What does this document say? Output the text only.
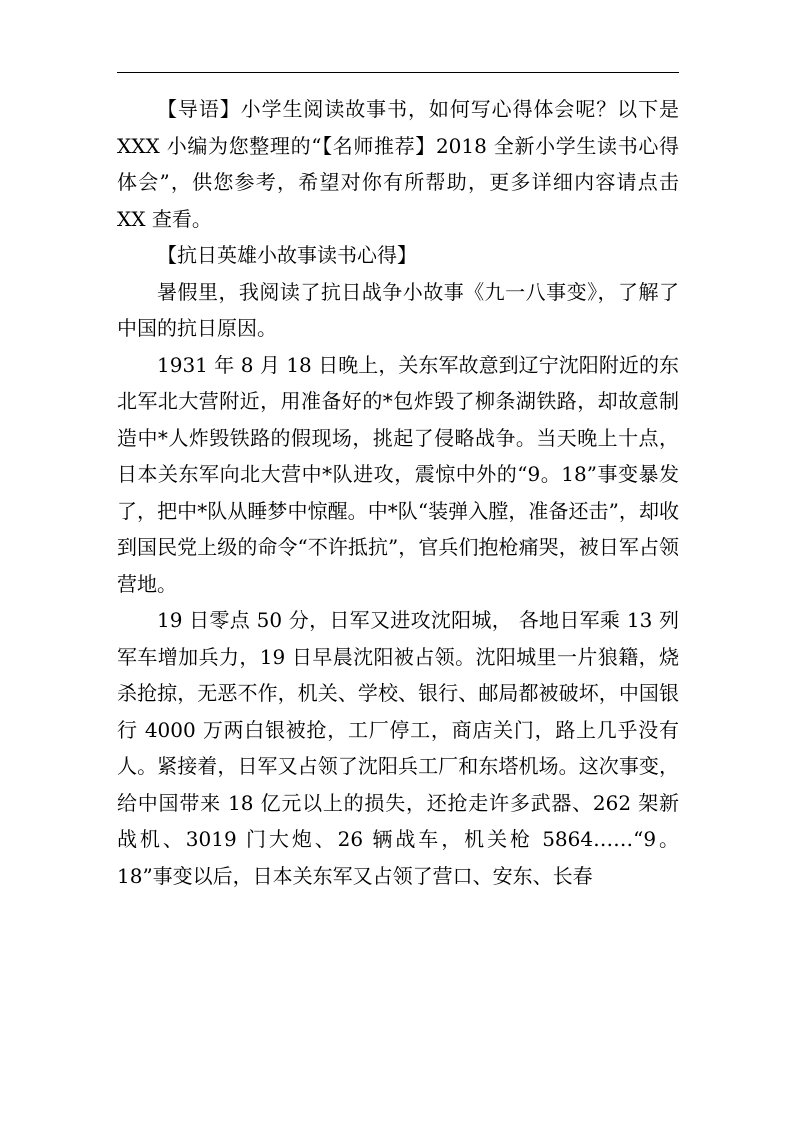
【导语】小学生阅读故事书，如何写心得体会呢？以下是 XXX 小编为您整理的“【名师推荐】2018 全新小学生读书心得体会”，供您参考，希望对你有所帮助，更多详细内容请点击 XX 查看。

【抗日英雄小故事读书心得】

暑假里，我阅读了抗日战争小故事《九一八事变》，了解了中国的抗日原因。

1931 年 8 月 18 日晚上，关东军故意到辽宁沈阳附近的东北军北大营附近，用准备好的*包炸毁了柳条湖铁路，却故意制造中*人炸毁铁路的假现场，挑起了侵略战争。当天晚上十点，日本关东军向北大营中*队进攻，震惊中外的“9。18”事变暴发了，把中*队从睡梦中惊醒。中*队“装弹入膛，准备还击”，却收到国民党上级的命令“不许抵抗”，官兵们抱枪痛哭，被日军占领营地。

19 日零点 50 分，日军又进攻沈阳城， 各地日军乘 13 列军车增加兵力，19 日早晨沈阳被占领。沈阳城里一片狼籍，烧杀抢掠，无恶不作，机关、学校、银行、邮局都被破坏，中国银行 4000 万两白银被抢，工厂停工，商店关门，路上几乎没有人。紧接着，日军又占领了沈阳兵工厂和东塔机场。这次事变，给中国带来 18 亿元以上的损失，还抢走许多武器、262 架新战机、3019 门大炮、26 辆战车，机关枪 5864……“9。18”事变以后，日本关东军又占领了营口、安东、长春
